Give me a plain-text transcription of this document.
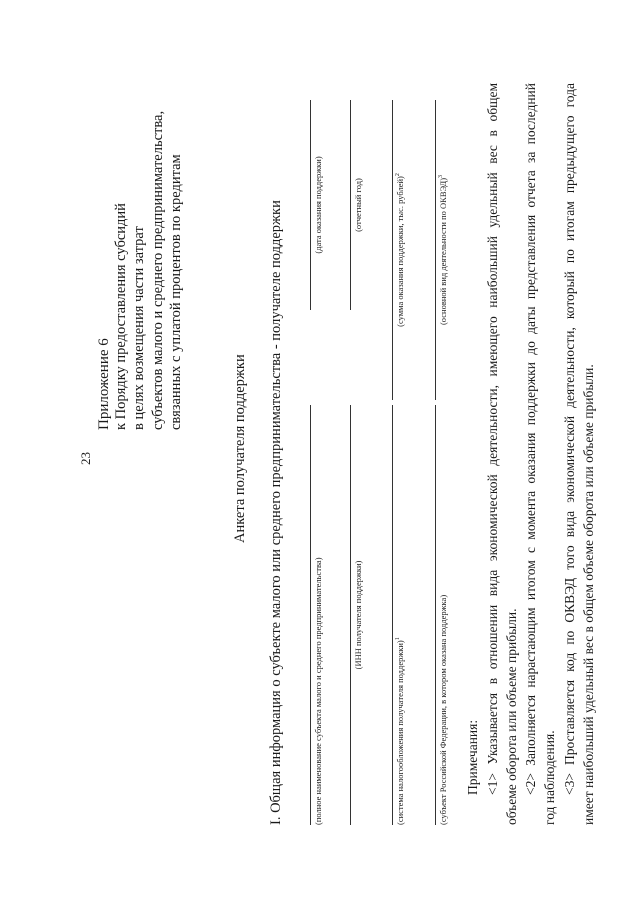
23
Приложение 6 к Порядку предоставления субсидий в целях возмещения части затрат субъектов малого и среднего предпринимательства, связанных с уплатой процентов по кредитам
Анкета получателя поддержки I. Общая информация о субъекте малого или среднего предпринимательства - получателе поддержки	(полное наименование субъекта малого и среднего предпринимательства)
(дата оказания поддержки)
(ИНН получателя поддержки)
(отчетный год)
(система налогообложения получателя поддержки)$^1$
(сумма оказания поддержки, тыс. рублей)$^2$
(субъект Российской Федерации, в котором оказана поддержка)
(основной вид деятельности по ОКВЭД)$^3$
Примечания: <1> Указывается в отношении вида экономической деятельности, имеющего наибольший удельный вес в общем объеме оборота или объеме прибыли. <2> Заполняется нарастающим итогом с момента оказания поддержки до даты представления отчета за последний год наблюдения. <3> Проставляется код по ОКВЭД того вида экономической деятельности, который по итогам предыдущего года имеет наибольший удельный вес в общем объеме оборота или объеме прибыли.
